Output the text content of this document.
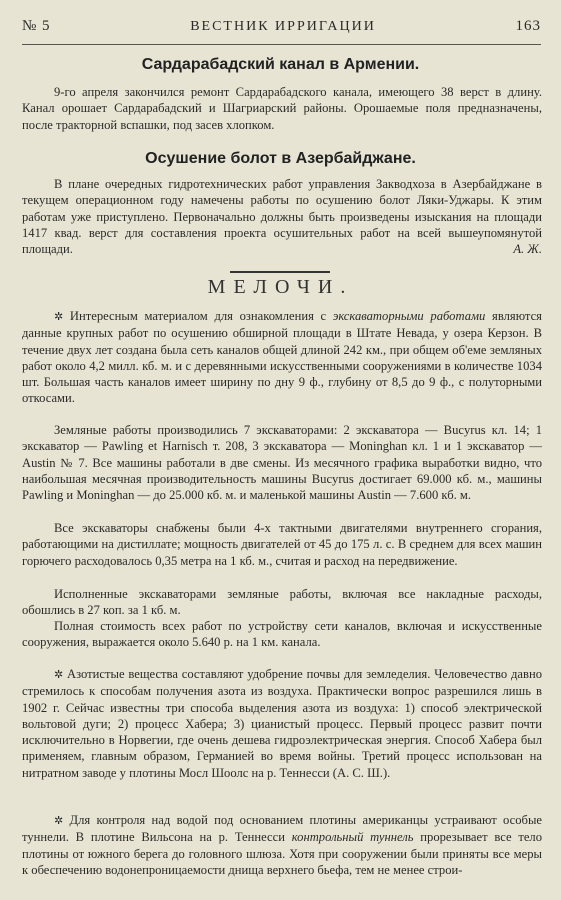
№ 5	ВЕСТНИК ИРРИГАЦИИ	163
Сардарабадский канал в Армении.

9-го апреля закончился ремонт Сардарабадского канала, имеющего 38 верст в длину. Канал орошает Сардарабадский и Шагриарский районы. Орошаемые поля предназначены, после тракторной вспашки, под засев хлопком.

Осушение болот в Азербайджане.

В плане очередных гидротехнических работ управления Закводхоза в Азербайджане в текущем операционном году намечены работы по осушению болот Ляки-Уджары. К этим работам уже приступлено. Первоначально должны быть произведены изыскания на площади 1417 квад. верст для составления проекта осушительных работ на всей вышеупомянутой площади.	А. Ж.

МЕЛОЧИ.

✲ Интересным материалом для ознакомления с экскаваторными работами являются данные крупных работ по осушению обширной площади в Штате Невада, у озера Керзон. В течение двух лет создана была сеть каналов общей длиной 242 км., при общем об'еме земляных работ около 4,2 милл. кб. м. и с деревянными искусственными сооружениями в количестве 1034 шт. Большая часть каналов имеет ширину по дну 9 ф., глубину от 8,5 до 9 ф., с полуторными откосами.

Земляные работы производились 7 экскаваторами: 2 экскаватора — Bucyrus кл. 14; 1 экскаватор — Pawling et Harnisch т. 208, 3 экскаватора — Moninghan кл. 1 и 1 экскаватор — Austin № 7. Все машины работали в две смены. Из месячного графика выработки видно, что наибольшая месячная производительность машины Bucyrus достигает 69.000 кб. м., машины Pawling и Moninghan — до 25.000 кб. м. и маленькой машины Austin — 7.600 кб. м.

Все экскаваторы снабжены были 4-х тактными двигателями внутреннего сгорания, работающими на дистиллате; мощность двигателей от 45 до 175 л. с. В среднем для всех машин горючего расходовалось 0,35 метра на 1 кб. м., считая и расход на передвижение.

Исполненные экскаваторами земляные работы, включая все накладные расходы, обошлись в 27 коп. за 1 кб. м.

Полная стоимость всех работ по устройству сети каналов, включая и искусственные сооружения, выражается около 5.640 р. на 1 км. канала.

✲ Азотистые вещества составляют удобрение почвы для земледелия. Человечество давно стремилось к способам получения азота из воздуха. Практически вопрос разрешился лишь в 1902 г. Сейчас известны три способа выделения азота из воздуха: 1) способ электрической вольтовой дуги; 2) процесс Хабера; 3) цианистый процесс. Первый процесс развит почти исключительно в Норвегии, где очень дешева гидроэлектрическая энергия. Способ Хабера был применяем, главным образом, Германией во время войны. Третий процесс использован на нитратном заводе у плотины Мосл Шоолс на р. Теннесси (А. С. Ш.).

✲ Для контроля над водой под основанием плотины американцы устраивают особые туннели. В плотине Вильсона на р. Теннесси контрольный туннель прорезывает все тело плотины от южного берега до головного шлюза. Хотя при сооружении были приняты все меры к обеспечению водонепроницаемости днища верхнего бьефа, тем не менее строи-
